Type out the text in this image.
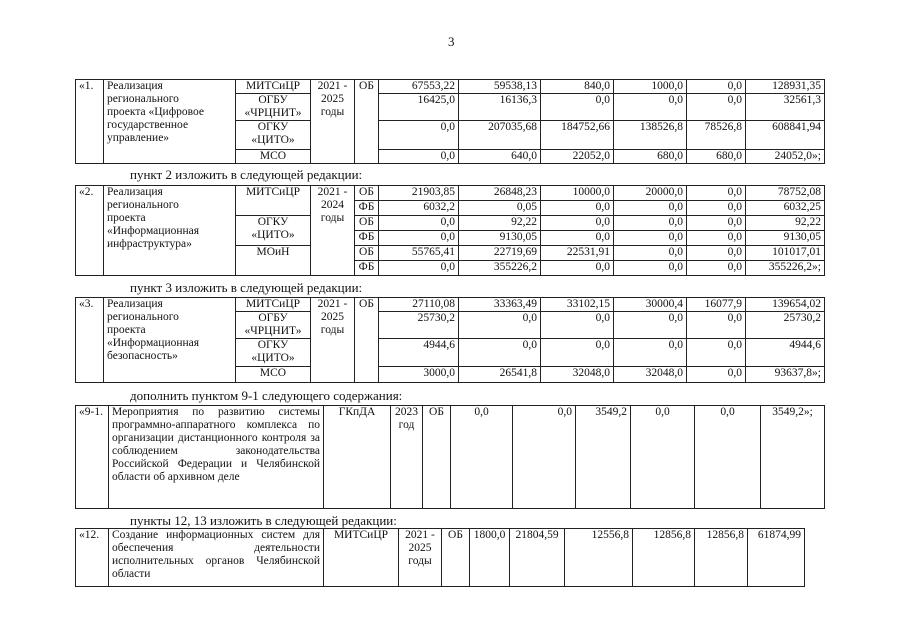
3
«1.	Реализация
регионального
проекта «Цифровое
государственное
управление»	МИТСиЦР	2021 -
2025
годы	ОБ	67553,22	59538,13	840,0	1000,0	0,0	128931,35
		ОГБУ
«ЧРЦНИТ»			16425,0	16136,3	0,0	0,0	0,0	32561,3
		ОГКУ
«ЦИТО»			0,0	207035,68	184752,66	138526,8	78526,8	608841,94
		МСО			0,0	640,0	22052,0	680,0	680,0	24052,0»;
пункт 2 изложить в следующей редакции:
«2.	Реализация
регионального
проекта
«Информационная
инфраструктура»	МИТСиЦР	2021 -
2024
годы	ОБ	21903,85	26848,23	10000,0	20000,0	0,0	78752,08
				ФБ	6032,2	0,05	0,0	0,0	0,0	6032,25
		ОГКУ
«ЦИТО»		ОБ	0,0	92,22	0,0	0,0	0,0	92,22
				ФБ	0,0	9130,05	0,0	0,0	0,0	9130,05
		МОиН		ОБ	55765,41	22719,69	22531,91	0,0	0,0	101017,01
				ФБ	0,0	355226,2	0,0	0,0	0,0	355226,2»;
пункт 3 изложить в следующей редакции:
«3.	Реализация
регионального
проекта
«Информационная
безопасность»	МИТСиЦР	2021 -
2025
годы	ОБ	27110,08	33363,49	33102,15	30000,4	16077,9	139654,02
		ОГБУ
«ЧРЦНИТ»			25730,2	0,0	0,0	0,0	0,0	25730,2
		ОГКУ
«ЦИТО»			4944,6	0,0	0,0	0,0	0,0	4944,6
		МСО			3000,0	26541,8	32048,0	32048,0	0,0	93637,8»;
дополнить пунктом 9-1 следующего содержания:
«9-1.	Мероприятия по развитию системы программно-аппаратного комплекса по организации дистанционного контроля за соблюдением законодательства Российской Федерации и Челябинской области об архивном деле	ГКпДА	2023
год	ОБ	0,0	0,0	3549,2	0,0	0,0	3549,2»;
пункты 12, 13 изложить в следующей редакции:
«12.	Создание информационных систем для обеспечения деятельности исполнительных органов Челябинской области	МИТСиЦР	2021 -
2025
годы	ОБ	1800,0	21804,59	12556,8	12856,8	12856,8	61874,99
